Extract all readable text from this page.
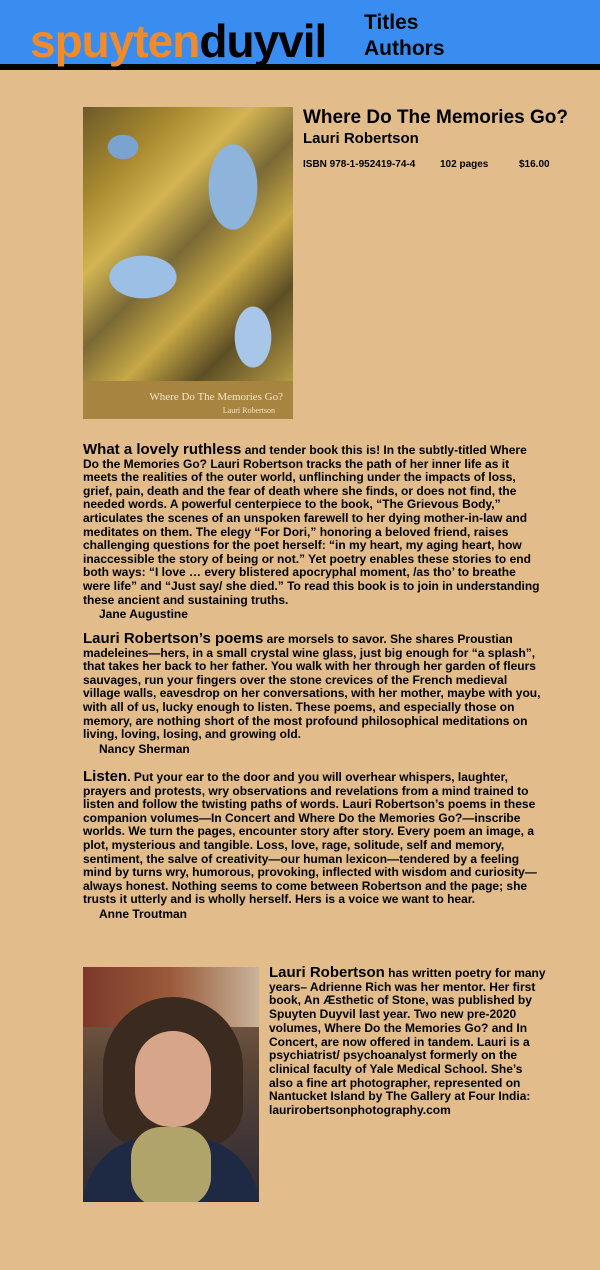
spuytenduyvil Titles
Authors
Where Do The Memories Go?
Lauri Robertson
Where Do The Memories Go?
Lauri Robertson
ISBN 978-1-952419-74-4 102 pages	$16.00
What a lovely ruthless and tender book this is! In the subtly-titled Where Do the Memories Go? Lauri Robertson tracks the path of her inner life as it meets the realities of the outer world, unflinching under the impacts of loss, grief, pain, death and the fear of death where she finds, or does not find, the needed words. A powerful centerpiece to the book, “The Grievous Body,” articulates the scenes of an unspoken farewell to her dying mother-in-law and meditates on them. The elegy “For Dori,” honoring a beloved friend, raises challenging questions for the poet herself: “in my heart, my aging heart, how inaccessible the story of being or not.” Yet poetry enables these stories to end both ways: “I love … every blistered apocryphal moment, /as tho’ to breathe were life” and “Just say/ she died.” To read this book is to join in understanding these ancient and sustaining truths.
Jane Augustine
Lauri Robertson’s poems are morsels to savor. She shares Proustian madeleines—hers, in a small crystal wine glass, just big enough for “a splash”, that takes her back to her father. You walk with her through her garden of fleurs sauvages, run your fingers over the stone crevices of the French medieval village walls, eavesdrop on her conversations, with her mother, maybe with you, with all of us, lucky enough to listen. These poems, and especially those on memory, are nothing short of the most profound philosophical meditations on living, loving, losing, and growing old.
Nancy Sherman
Listen. Put your ear to the door and you will overhear whispers, laughter, prayers and protests, wry observations and revelations from a mind trained to listen and follow the twisting paths of words. Lauri Robertson’s poems in these companion volumes—In Concert and Where Do the Memories Go?—inscribe worlds. We turn the pages, encounter story after story. Every poem an image, a plot, mysterious and tangible. Loss, love, rage, solitude, self and memory, sentiment, the salve of creativity—our human lexicon—tendered by a feeling mind by turns wry, humorous, provoking, inflected with wisdom and curiosity—always honest. Nothing seems to come between Robertson and the page; she trusts it utterly and is wholly herself. Hers is a voice we want to hear.
Anne Troutman
Lauri Robertson has written poetry for many years– Adrienne Rich was her mentor. Her first book, An Æsthetic of Stone, was published by Spuyten Duyvil last year. Two new pre-2020 volumes, Where Do the Memories Go? and In Concert, are now offered in tandem. Lauri is a psychiatrist/ psychoanalyst formerly on the clinical faculty of Yale Medical School. She’s also a fine art photographer, represented on Nantucket Island by The Gallery at Four India: laurirobertsonphotography.com
